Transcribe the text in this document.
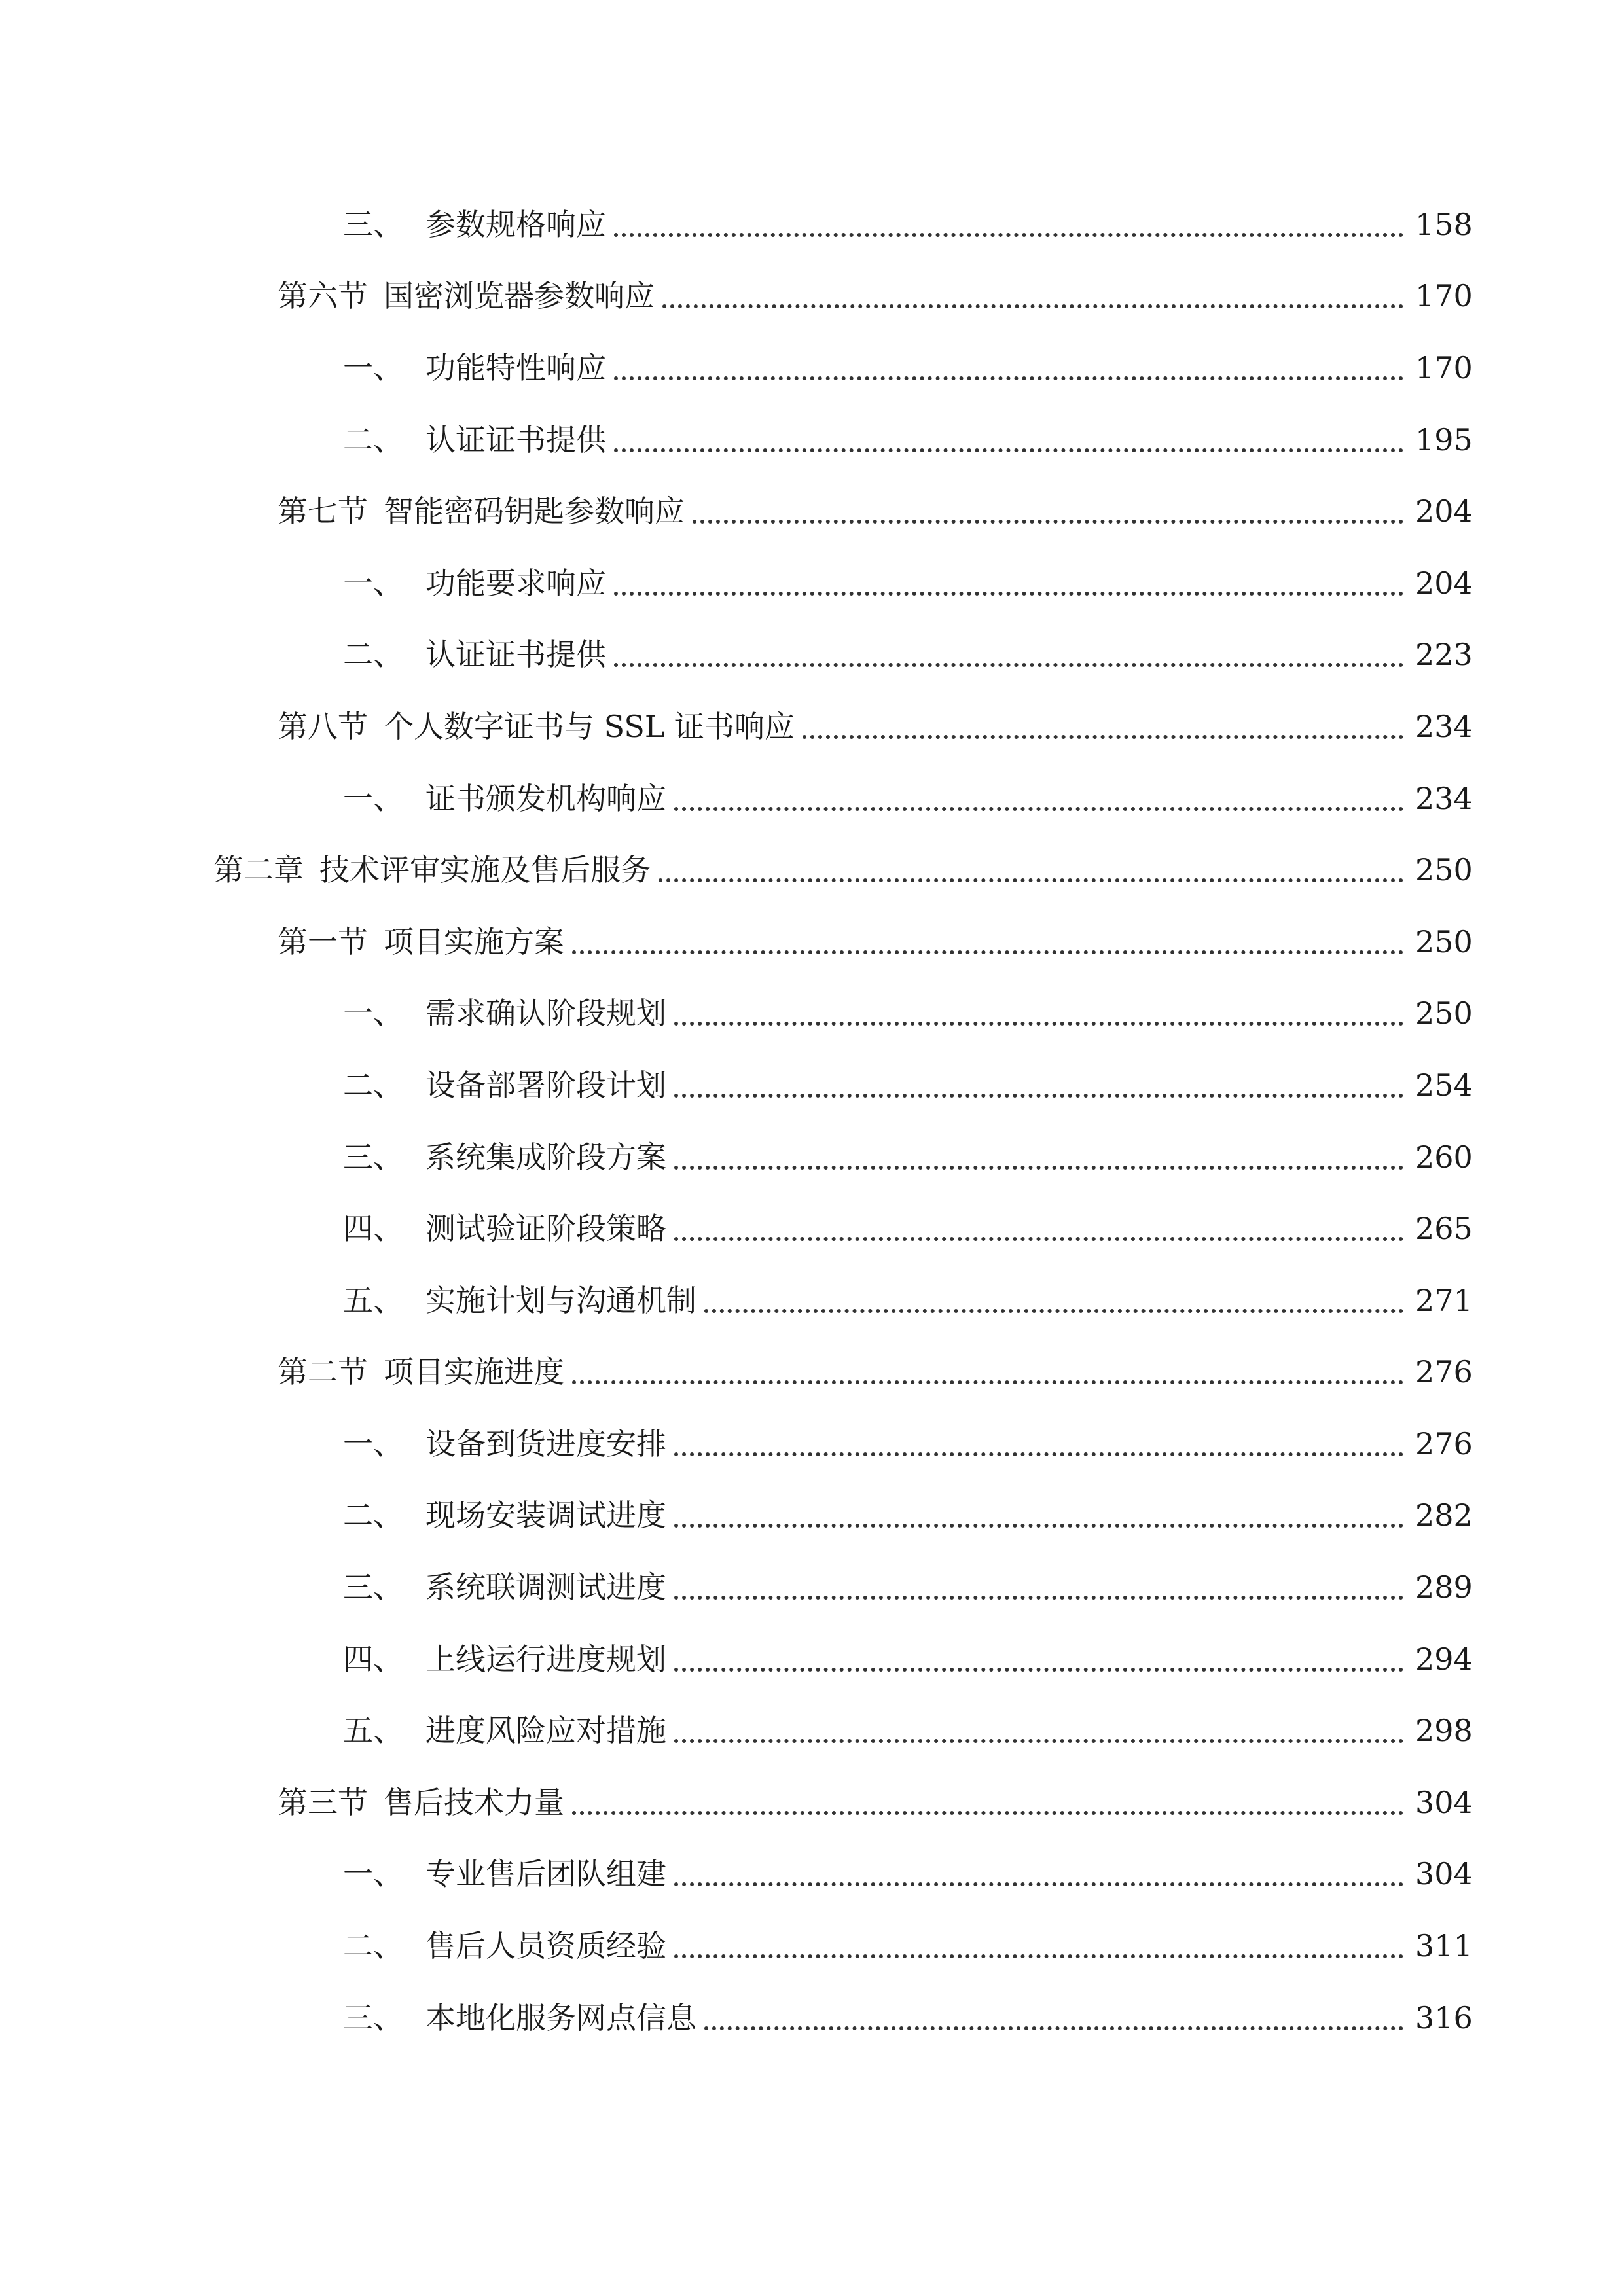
三、 参数规格响应	158
第六节 国密浏览器参数响应	170
一、 功能特性响应	170
二、 认证证书提供	195
第七节 智能密码钥匙参数响应	204
一、 功能要求响应	204
二、 认证证书提供	223
第八节 个人数字证书与 SSL 证书响应	234
一、 证书颁发机构响应	234
第二章 技术评审实施及售后服务	250
第一节 项目实施方案	250
一、 需求确认阶段规划	250
二、 设备部署阶段计划	254
三、 系统集成阶段方案	260
四、 测试验证阶段策略	265
五、 实施计划与沟通机制	271
第二节 项目实施进度	276
一、 设备到货进度安排	276
二、 现场安装调试进度	282
三、 系统联调测试进度	289
四、 上线运行进度规划	294
五、 进度风险应对措施	298
第三节 售后技术力量	304
一、 专业售后团队组建	304
二、 售后人员资质经验	311
三、 本地化服务网点信息	316
